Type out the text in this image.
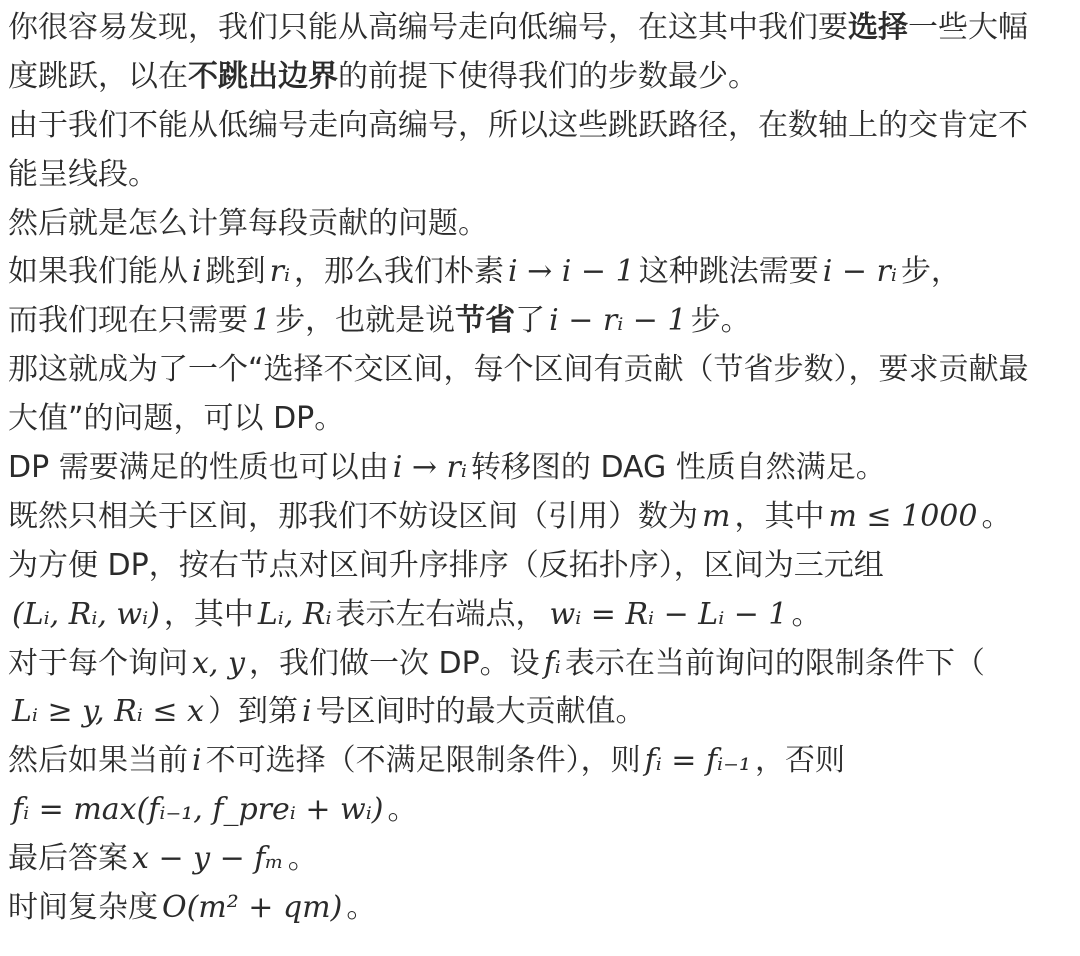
你很容易发现，我们只能从高编号走向低编号，在这其中我们要选择一些大幅
度跳跃，以在不跳出边界的前提下使得我们的步数最少。
由于我们不能从低编号走向高编号，所以这些跳跃路径，在数轴上的交肯定不
能呈线段。
然后就是怎么计算每段贡献的问题。
如果我们能从 i 跳到 rᵢ ，那么我们朴素 i → i − 1 这种跳法需要 i − rᵢ 步，
而我们现在只需要 1 步，也就是说节省了 i − rᵢ − 1 步。
那这就成为了一个“选择不交区间，每个区间有贡献（节省步数），要求贡献最
大值”的问题，可以 DP。
DP 需要满足的性质也可以由 i → rᵢ 转移图的 DAG 性质自然满足。
既然只相关于区间，那我们不妨设区间（引用）数为 m ，其中 m ≤ 1000 。
为方便 DP，按右节点对区间升序排序（反拓扑序），区间为三元组
(Lᵢ, Rᵢ, wᵢ) ，其中 Lᵢ, Rᵢ 表示左右端点， wᵢ = Rᵢ − Lᵢ − 1 。
对于每个询问 x, y ，我们做一次 DP。设 fᵢ 表示在当前询问的限制条件下（
Lᵢ ≥ y, Rᵢ ≤ x ）到第 i 号区间时的最大贡献值。
然后如果当前 i 不可选择（不满足限制条件），则 fᵢ = fᵢ₋₁ ，否则
fᵢ = max(fᵢ₋₁, f_preᵢ + wᵢ) 。
最后答案 x − y − fₘ 。
时间复杂度 O(m² + qm) 。
